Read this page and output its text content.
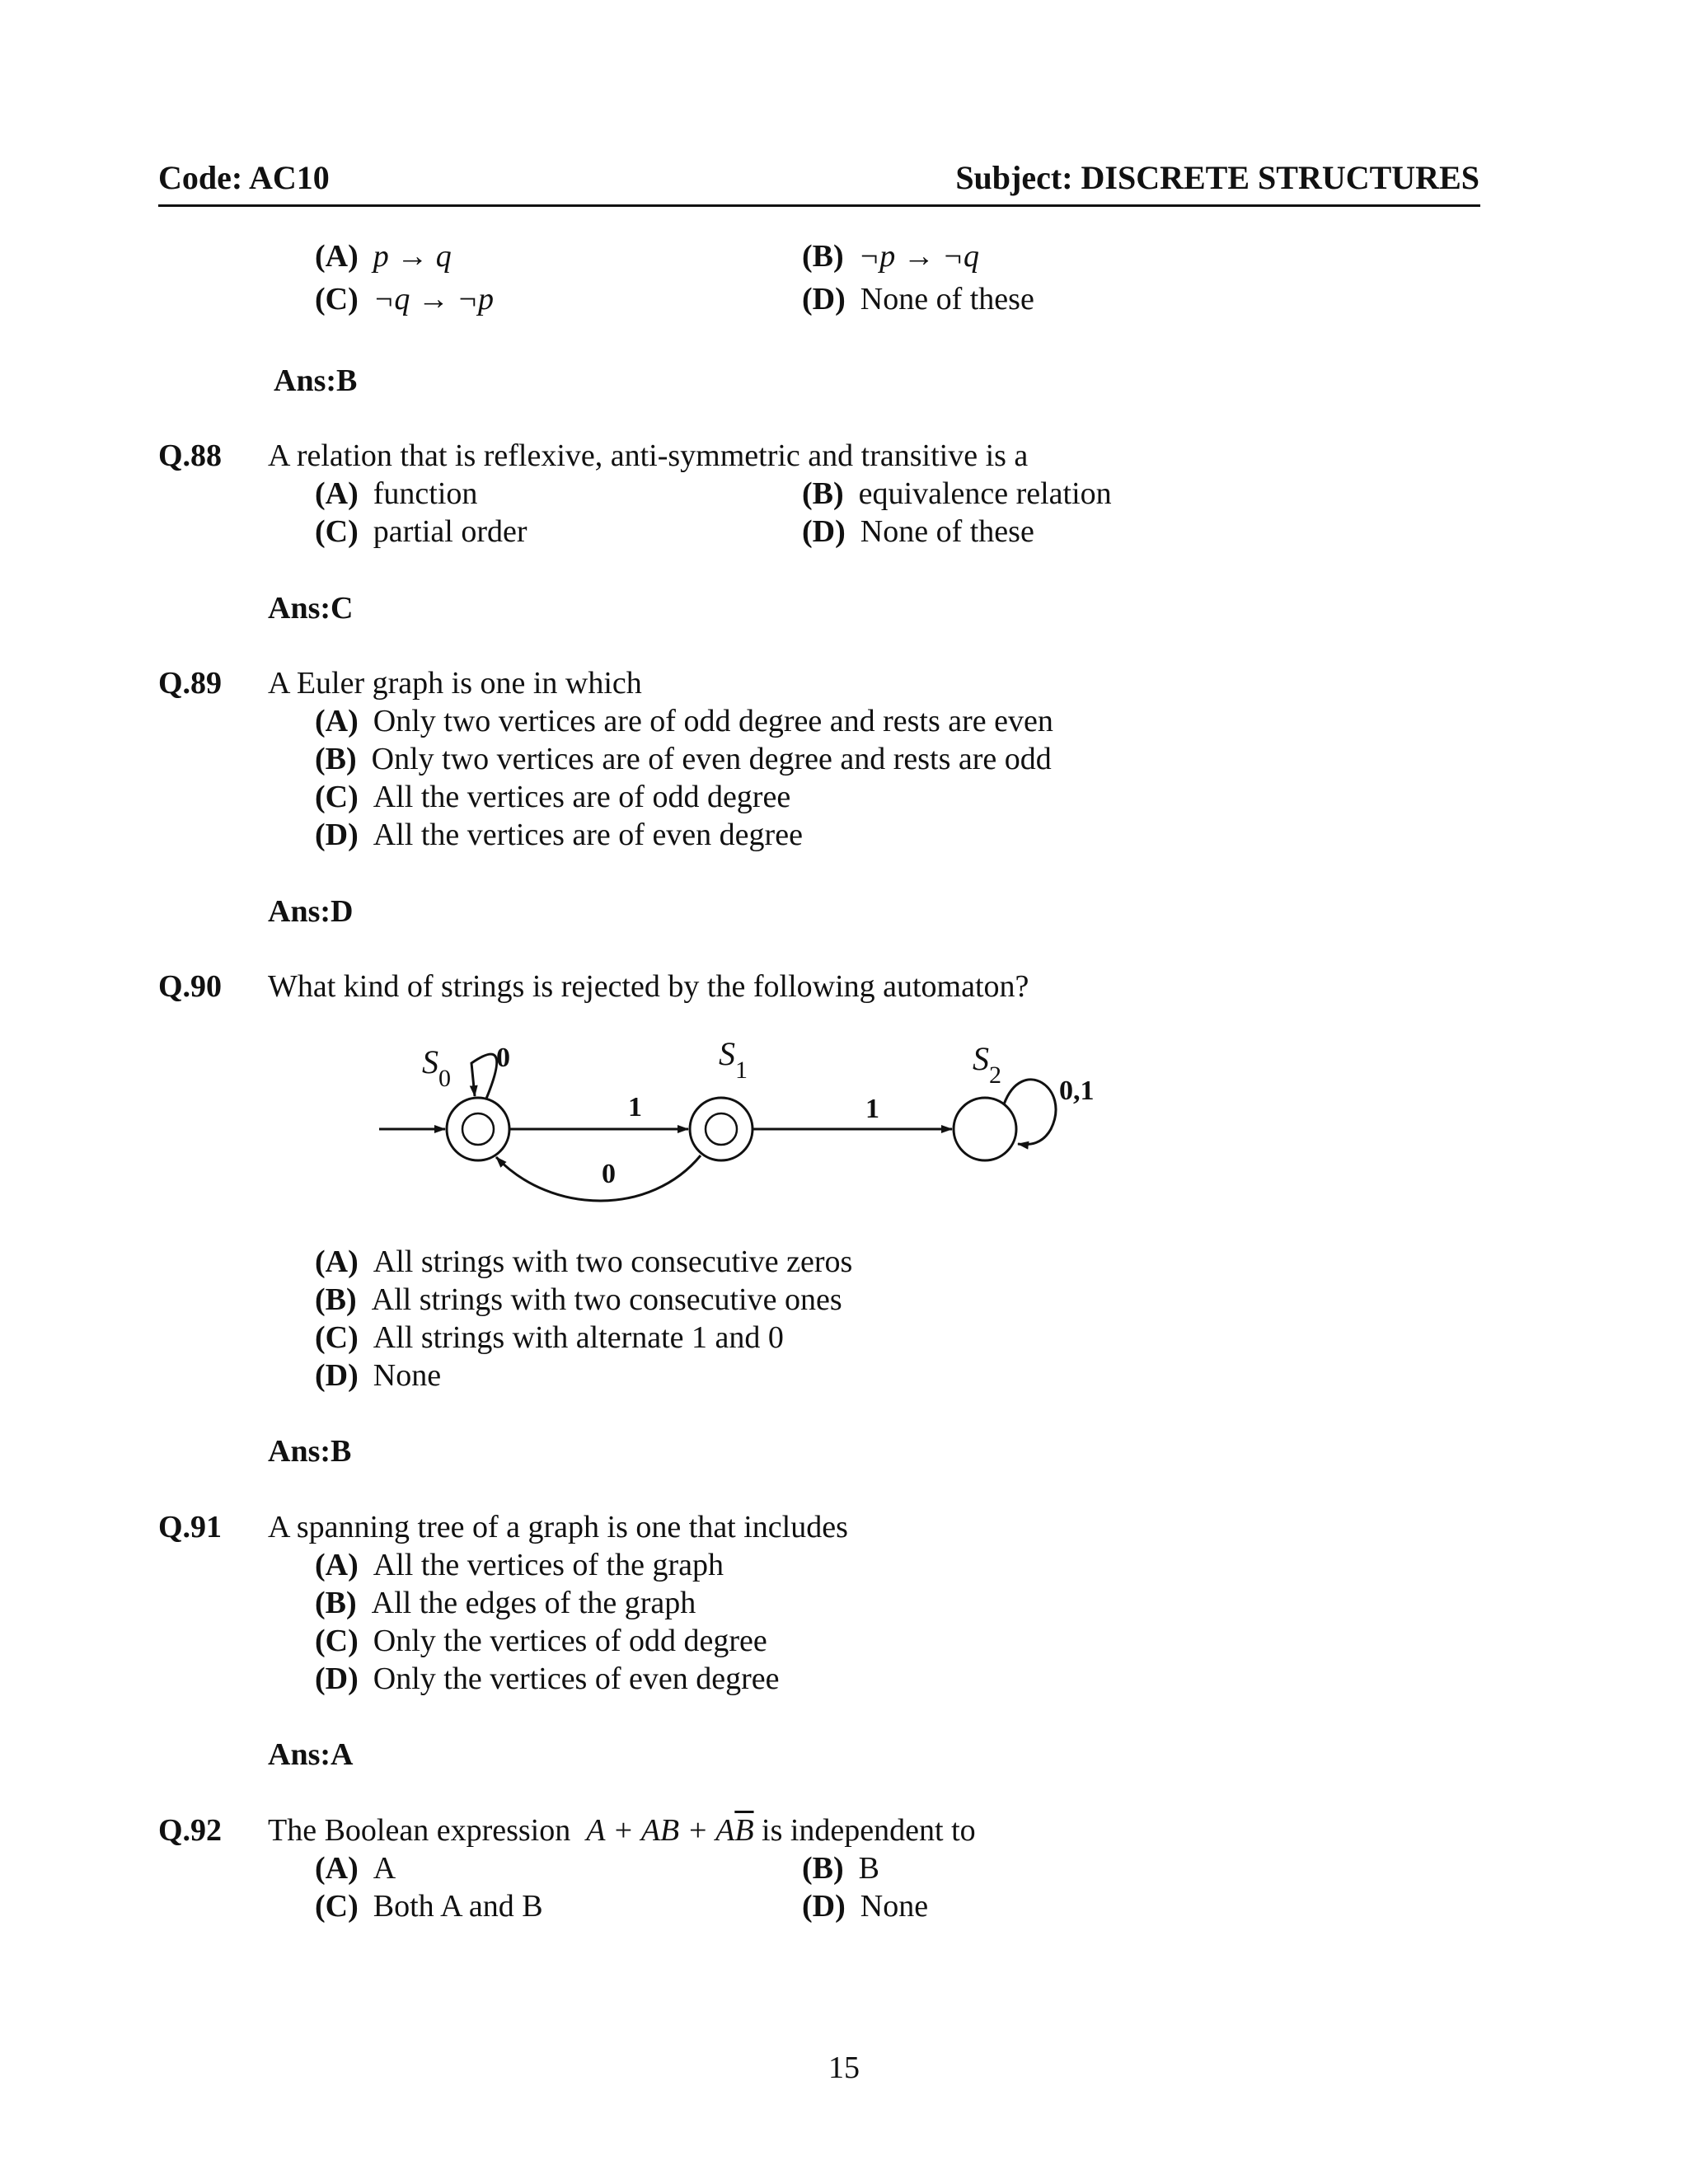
Code: AC10	Subject: DISCRETE STRUCTURES
(A) p → q	(B) ¬p → ¬q
(C) ¬q → ¬p	(D) None of these
Ans:B
Q.88 A relation that is reflexive, anti-symmetric and transitive is a
(A) function	(B) equivalence relation
(C) partial order	(D) None of these
Ans:C
Q.89 A Euler graph is one in which
(A) Only two vertices are of odd degree and rests are even
(B) Only two vertices are of even degree and rests are odd
(C) All the vertices are of odd degree
(D) All the vertices are of even degree
Ans:D
Q.90 What kind of strings is rejected by the following automaton?
$S_0$
$S_1$	$S_2$
0
1
0
1
0,1
(A) All strings with two consecutive zeros
(B) All strings with two consecutive ones
(C) All strings with alternate 1 and 0
(D) None
Ans:B
Q.91 A spanning tree of a graph is one that includes
(A) All the vertices of the graph
(B) All the edges of the graph
(C) Only the vertices of odd degree
(D) Only the vertices of even degree
Ans:A
Q.92 The Boolean expression A + AB + $A\overline{B}$ is independent to
(A) A	(B) B
(C) Both A and B	(D) None
15
